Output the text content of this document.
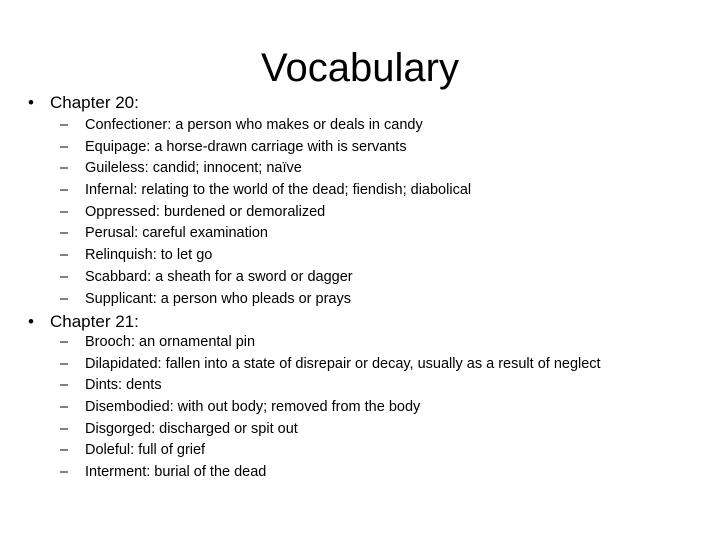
Vocabulary
• Chapter 20:
– Confectioner: a person who makes or deals in candy
– Equipage: a horse-drawn carriage with is servants
– Guileless: candid; innocent; naïve
– Infernal: relating to the world of the dead; fiendish; diabolical
– Oppressed: burdened or demoralized
– Perusal: careful examination
– Relinquish: to let go
– Scabbard: a sheath for a sword or dagger
– Supplicant: a person who pleads or prays
• Chapter 21:
– Brooch: an ornamental pin
– Dilapidated: fallen into a state of disrepair or decay, usually as a result of neglect
– Dints: dents
– Disembodied: with out body; removed from the body
– Disgorged: discharged or spit out
– Doleful: full of grief
– Interment: burial of the dead
